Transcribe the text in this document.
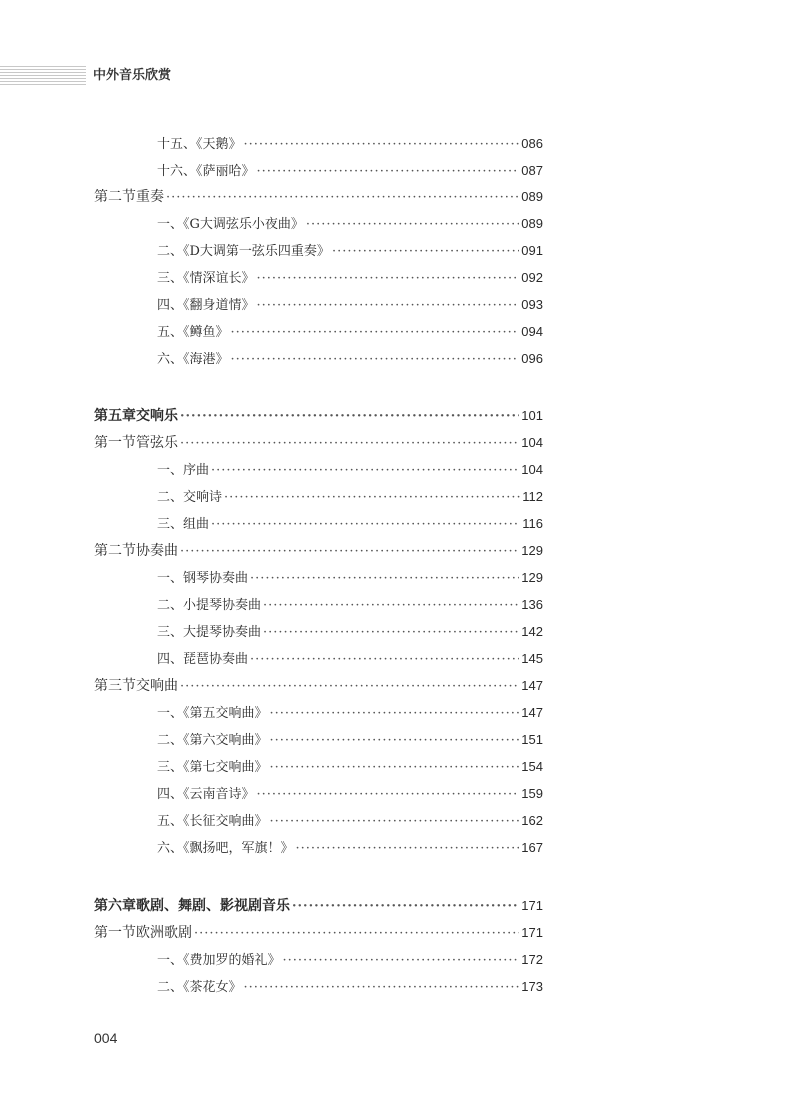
中外音乐欣赏
十五、《天鹅》 ·····	086
十六、《萨丽哈》 ·····	087
第二节 重奏 ·····	089
一、《G大调弦乐小夜曲》 ·····	089
二、《D大调第一弦乐四重奏》 ·····	091
三、《情深谊长》 ·····	092
四、《翻身道情》 ·····	093
五、《鳟鱼》 ·····	094
六、《海港》 ·····	096
第五章 交响乐 ·····	101
第一节 管弦乐 ·····	104
一、序曲 ·····	104
二、交响诗 ·····	112
三、组曲 ·····	116
第二节 协奏曲 ·····	129
一、钢琴协奏曲 ·····	129
二、小提琴协奏曲 ·····	136
三、大提琴协奏曲 ·····	142
四、琵琶协奏曲 ·····	145
第三节 交响曲 ·····	147
一、《第五交响曲》 ·····	147
二、《第六交响曲》 ·····	151
三、《第七交响曲》 ·····	154
四、《云南音诗》 ·····	159
五、《长征交响曲》 ·····	162
六、《飘扬吧，军旗！》 ·····	167
第六章 歌剧、舞剧、影视剧音乐 ·····	171
第一节 欧洲歌剧 ·····	171
一、《费加罗的婚礼》 ·····	172
二、《茶花女》 ·····	173
004
